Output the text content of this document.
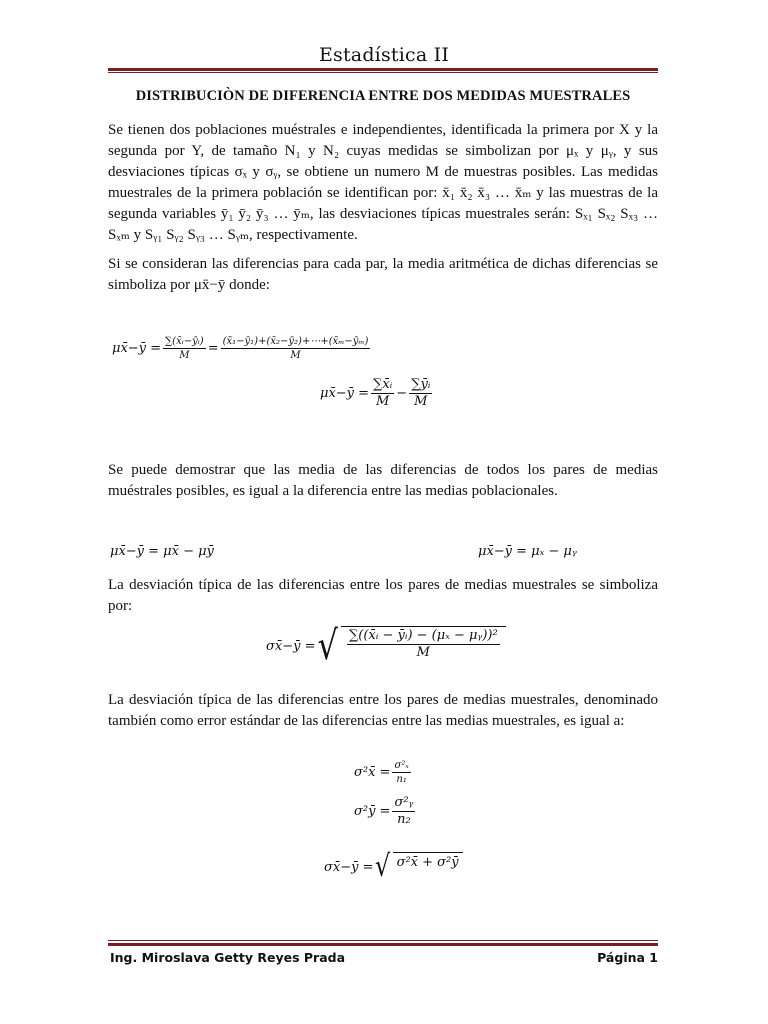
Estadística II
DISTRIBUCIÒN DE DIFERENCIA ENTRE DOS MEDIDAS MUESTRALES
Se tienen dos poblaciones muéstrales e independientes, identificada la primera por X y la segunda por Y, de tamaño N₁ y N₂ cuyas medidas se simbolizan por μₓ y μᵧ, y sus desviaciones típicas σₓ y σᵧ, se obtiene un numero M de muestras posibles. Las medidas muestrales de la primera población se identifican por: x̄₁ x̄₂ x̄₃ … x̄ₘ y las muestras de la segunda variables ȳ₁ ȳ₂ ȳ₃ … ȳₘ, las desviaciones típicas muestrales serán: Sₓ₁ Sₓ₂ Sₓ₃ … Sₓₘ y Sᵧ₁ Sᵧ₂ Sᵧ₃ … Sᵧₘ, respectivamente.
Si se consideran las diferencias para cada par, la media aritmética de dichas diferencias se simboliza por μx̄−ȳ donde:
μx̄−ȳ = $\frac{\text{∑(x̄ᵢ−ȳᵢ)}}{M} = \frac{\text{(x̄₁−ȳ₁)+(x̄₂−ȳ₂)+⋯+(x̄ₘ−ȳₘ)}}{M}$
μx̄−ȳ = $\frac{\text{∑x̄ᵢ}}{M} - \frac{\text{∑ȳᵢ}}{M}$
Se puede demostrar que las media de las diferencias de todos los pares de medias muéstrales posibles, es igual a la diferencia entre las medias poblacionales.
μx̄−ȳ = μx̄ − μȳ	μx̄−ȳ = μₓ − μᵧ
La desviación típica de las diferencias entre los pares de medias muestrales se simboliza por:
σx̄−ȳ = √ $\frac{\text{∑((x̄ᵢ − ȳᵢ) − (μₓ − μᵧ))²}}{M}$
La desviación típica de las diferencias entre los pares de medias muestrales, denominado también como error estándar de las diferencias entre las medias muestrales, es igual a:
σ²x̄ = $\frac{\text{σ²ₓ}}{\text{n₁}}$
σ²ȳ = $\frac{\text{σ²ᵧ}}{\text{n₂}}$
σx̄−ȳ = √ σ²x̄ + σ²ȳ
Ing. Miroslava Getty Reyes Prada	Página 1
